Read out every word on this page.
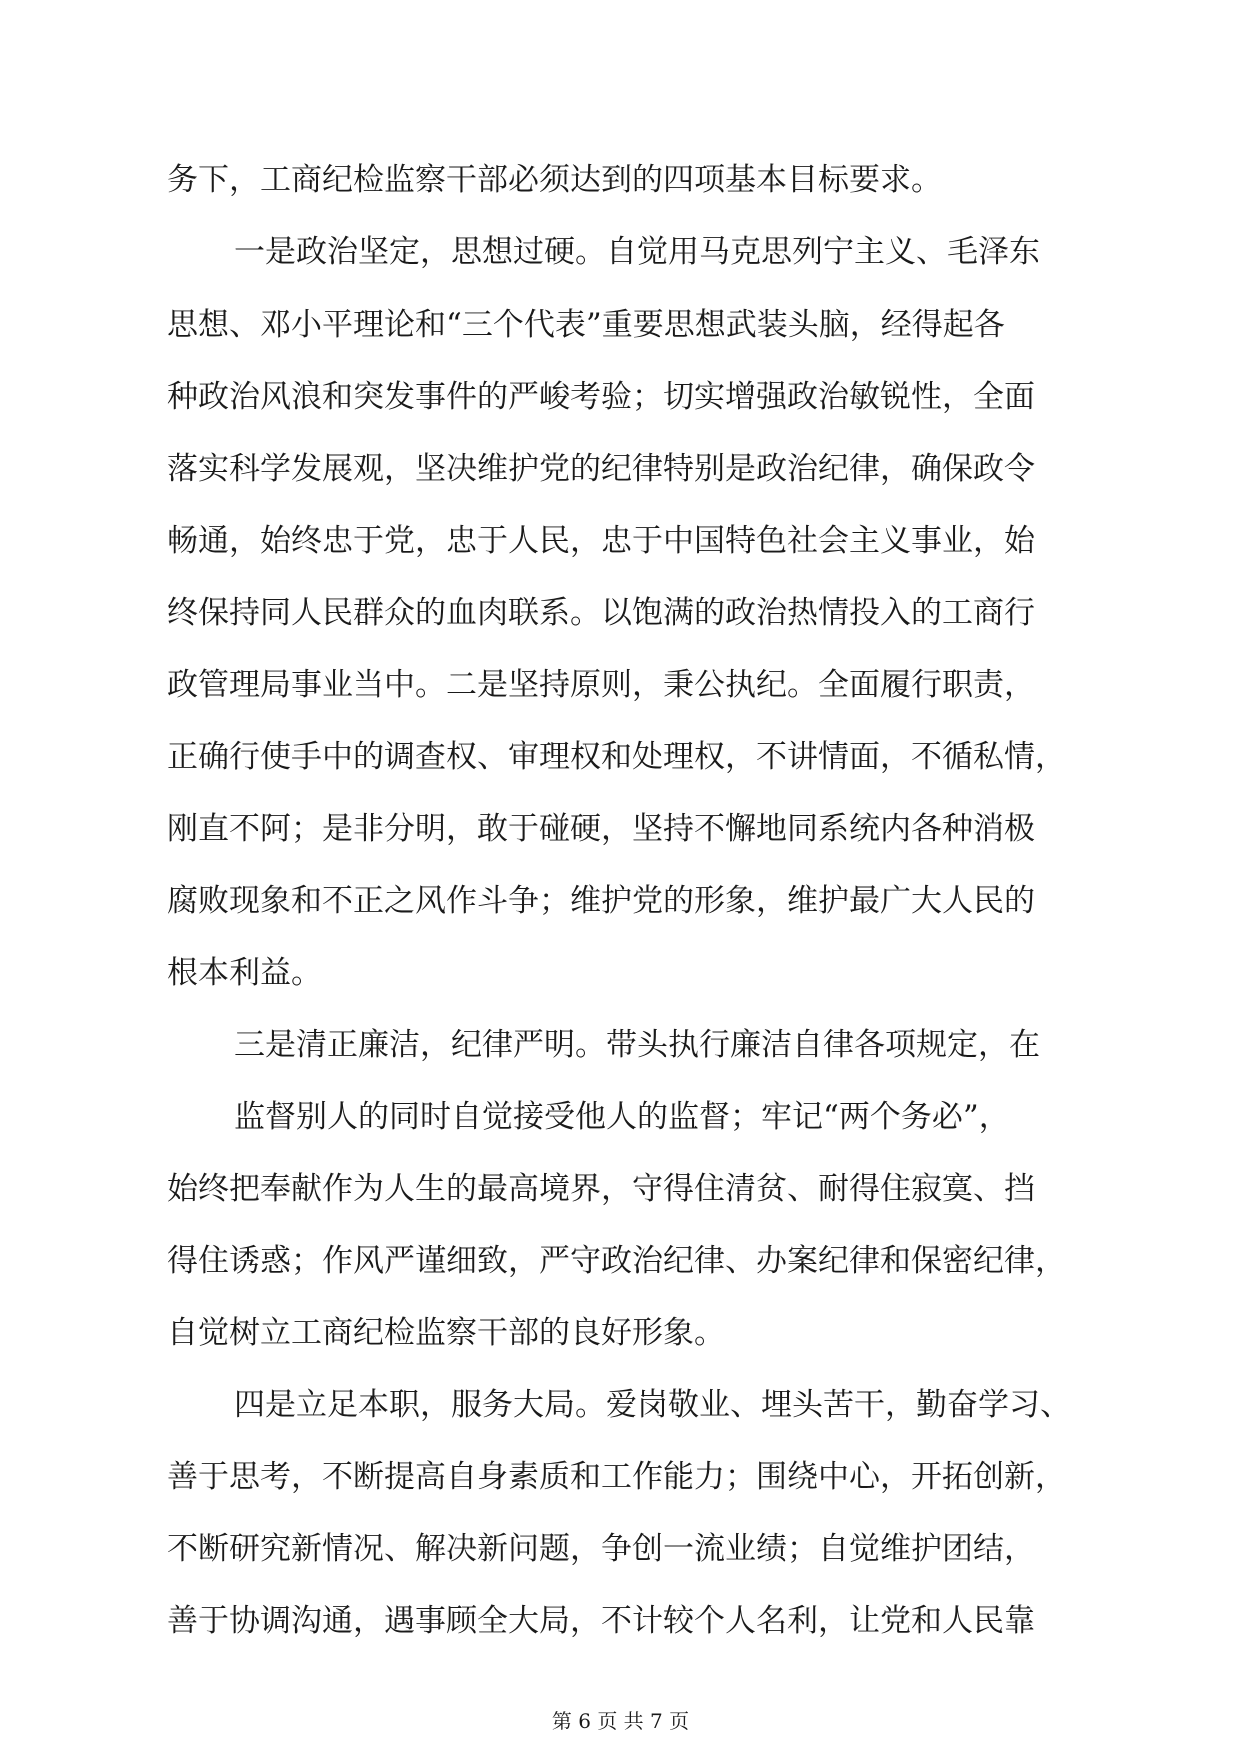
务下，工商纪检监察干部必须达到的四项基本目标要求。
一是政治坚定，思想过硬。自觉用马克思列宁主义、毛泽东
思想、邓小平理论和“三个代表”重要思想武装头脑，经得起各
种政治风浪和突发事件的严峻考验；切实增强政治敏锐性，全面
落实科学发展观，坚决维护党的纪律特别是政治纪律，确保政令
畅通，始终忠于党，忠于人民，忠于中国特色社会主义事业，始
终保持同人民群众的血肉联系。以饱满的政治热情投入的工商行
政管理局事业当中。二是坚持原则，秉公执纪。全面履行职责，
正确行使手中的调查权、审理权和处理权，不讲情面，不循私情，
刚直不阿；是非分明，敢于碰硬，坚持不懈地同系统内各种消极
腐败现象和不正之风作斗争；维护党的形象，维护最广大人民的
根本利益。
三是清正廉洁，纪律严明。带头执行廉洁自律各项规定，在
监督别人的同时自觉接受他人的监督；牢记“两个务必”，
始终把奉献作为人生的最高境界，守得住清贫、耐得住寂寞、挡
得住诱惑；作风严谨细致，严守政治纪律、办案纪律和保密纪律，
自觉树立工商纪检监察干部的良好形象。
四是立足本职，服务大局。爱岗敬业、埋头苦干，勤奋学习、
善于思考，不断提高自身素质和工作能力；围绕中心，开拓创新，
不断研究新情况、解决新问题，争创一流业绩；自觉维护团结，
善于协调沟通，遇事顾全大局，不计较个人名利，让党和人民靠
第 6 页 共 7 页
